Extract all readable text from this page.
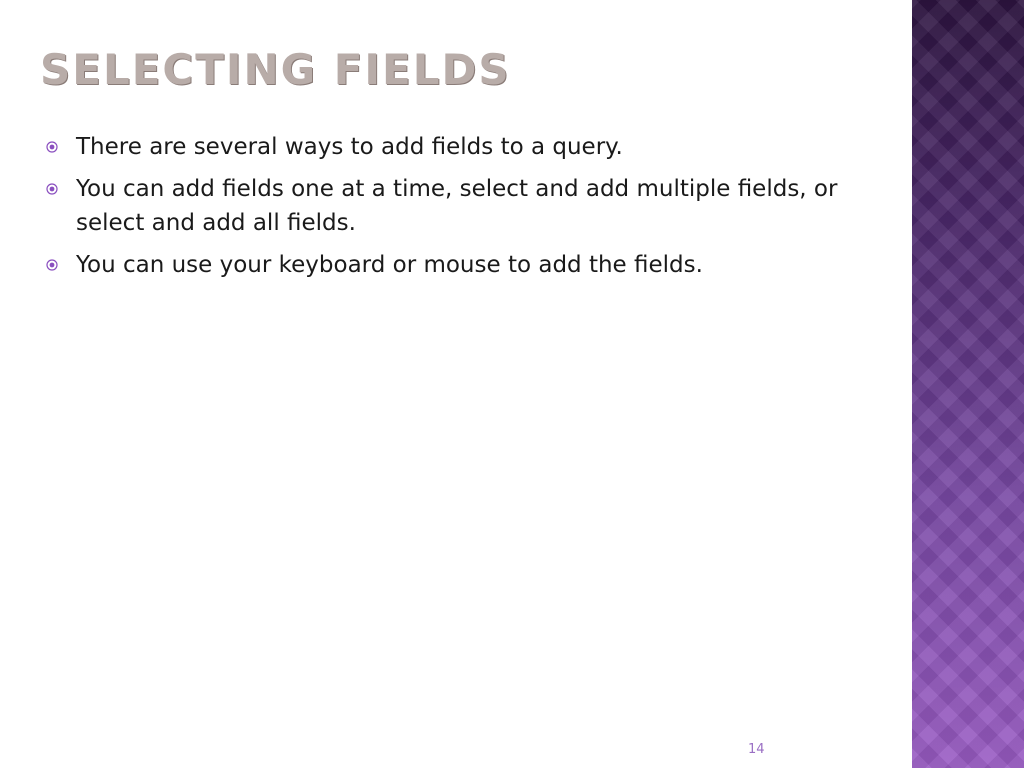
SELECTING FIELDS
There are several ways to add fields to a query.
You can add fields one at a time, select and add multiple fields, or select and add all fields.
You can use your keyboard or mouse to add the fields.

14
